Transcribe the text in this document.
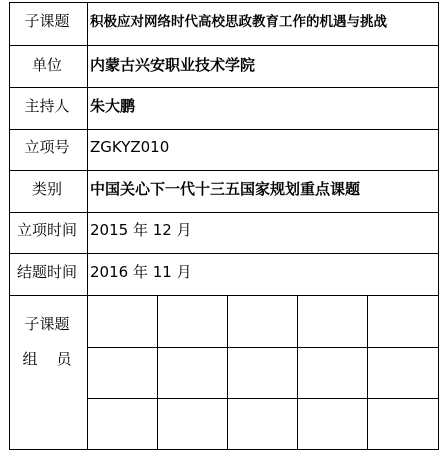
子课题	积极应对网络时代高校思政教育工作的机遇与挑战
单位	内蒙古兴安职业技术学院
主持人	朱大鹏
立项号	ZGKYZ010
类别	中国关心下一代十三五国家规划重点课题
立项时间 2015 年 12 月
结题时间 2016 年 11 月
子课题
组    员
